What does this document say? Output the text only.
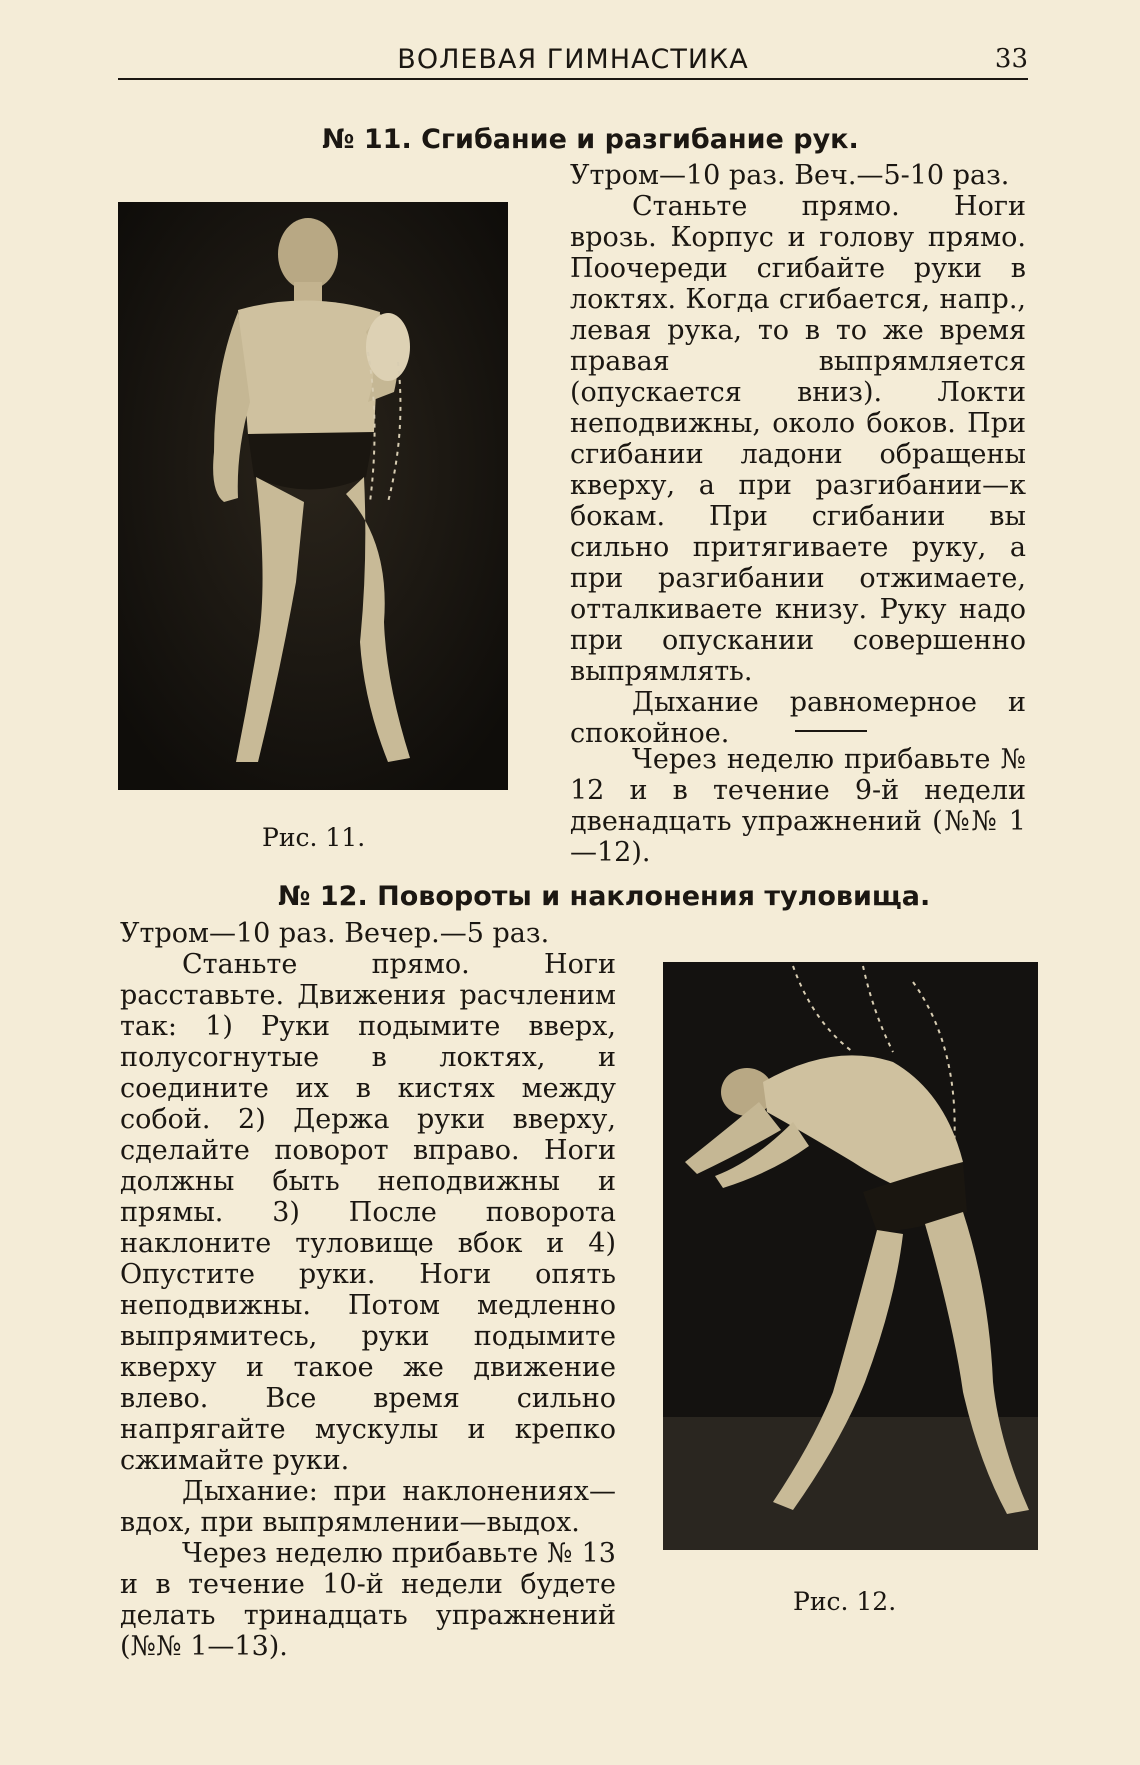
ВОЛЕВАЯ ГИМНАСТИКА	33
№ 11. Сгибание и разгибание рук.
Рис. 11.

Утром—10 раз. Веч.—5-10 раз.

Станьте прямо. Ноги врозь. Корпус и голову прямо. Поочереди сгибайте руки в локтях. Когда сгибается, напр., левая рука, то в то же время правая выпрямляется (опускается вниз). Локти неподвижны, около боков. При сгибании ладони обращены кверху, а при разгибании—к бокам. При сгибании вы сильно притягиваете руку, а при разгибании отжимаете, отталкиваете книзу. Руку надо при опускании совершенно выпрямлять.

Дыхание равномерное и спокойное.

Через неделю прибавьте № 12 и в течение 9-й недели двенадцать упражнений (№№ 1—12).

№ 12. Повороты и наклонения туловища.

Утром—10 раз. Вечер.—5 раз.

Станьте прямо. Ноги расставьте. Движения расчленим так: 1) Руки подымите вверх, полусогнутые в локтях, и соедините их в кистях между собой. 2) Держа руки вверху, сделайте поворот вправо. Ноги должны быть неподвижны и прямы. 3) После поворота наклоните туловище вбок и 4) Опустите руки. Ноги опять неподвижны. Потом медленно выпрямитесь, руки подымите кверху и такое же движение влево. Все время сильно напрягайте мускулы и крепко сжимайте руки.

Дыхание: при наклонениях—вдох, при выпрямлении—выдох.

Через неделю прибавьте № 13 и в течение 10-й недели будете делать тринадцать упражнений (№№ 1—13).

Рис. 12.
